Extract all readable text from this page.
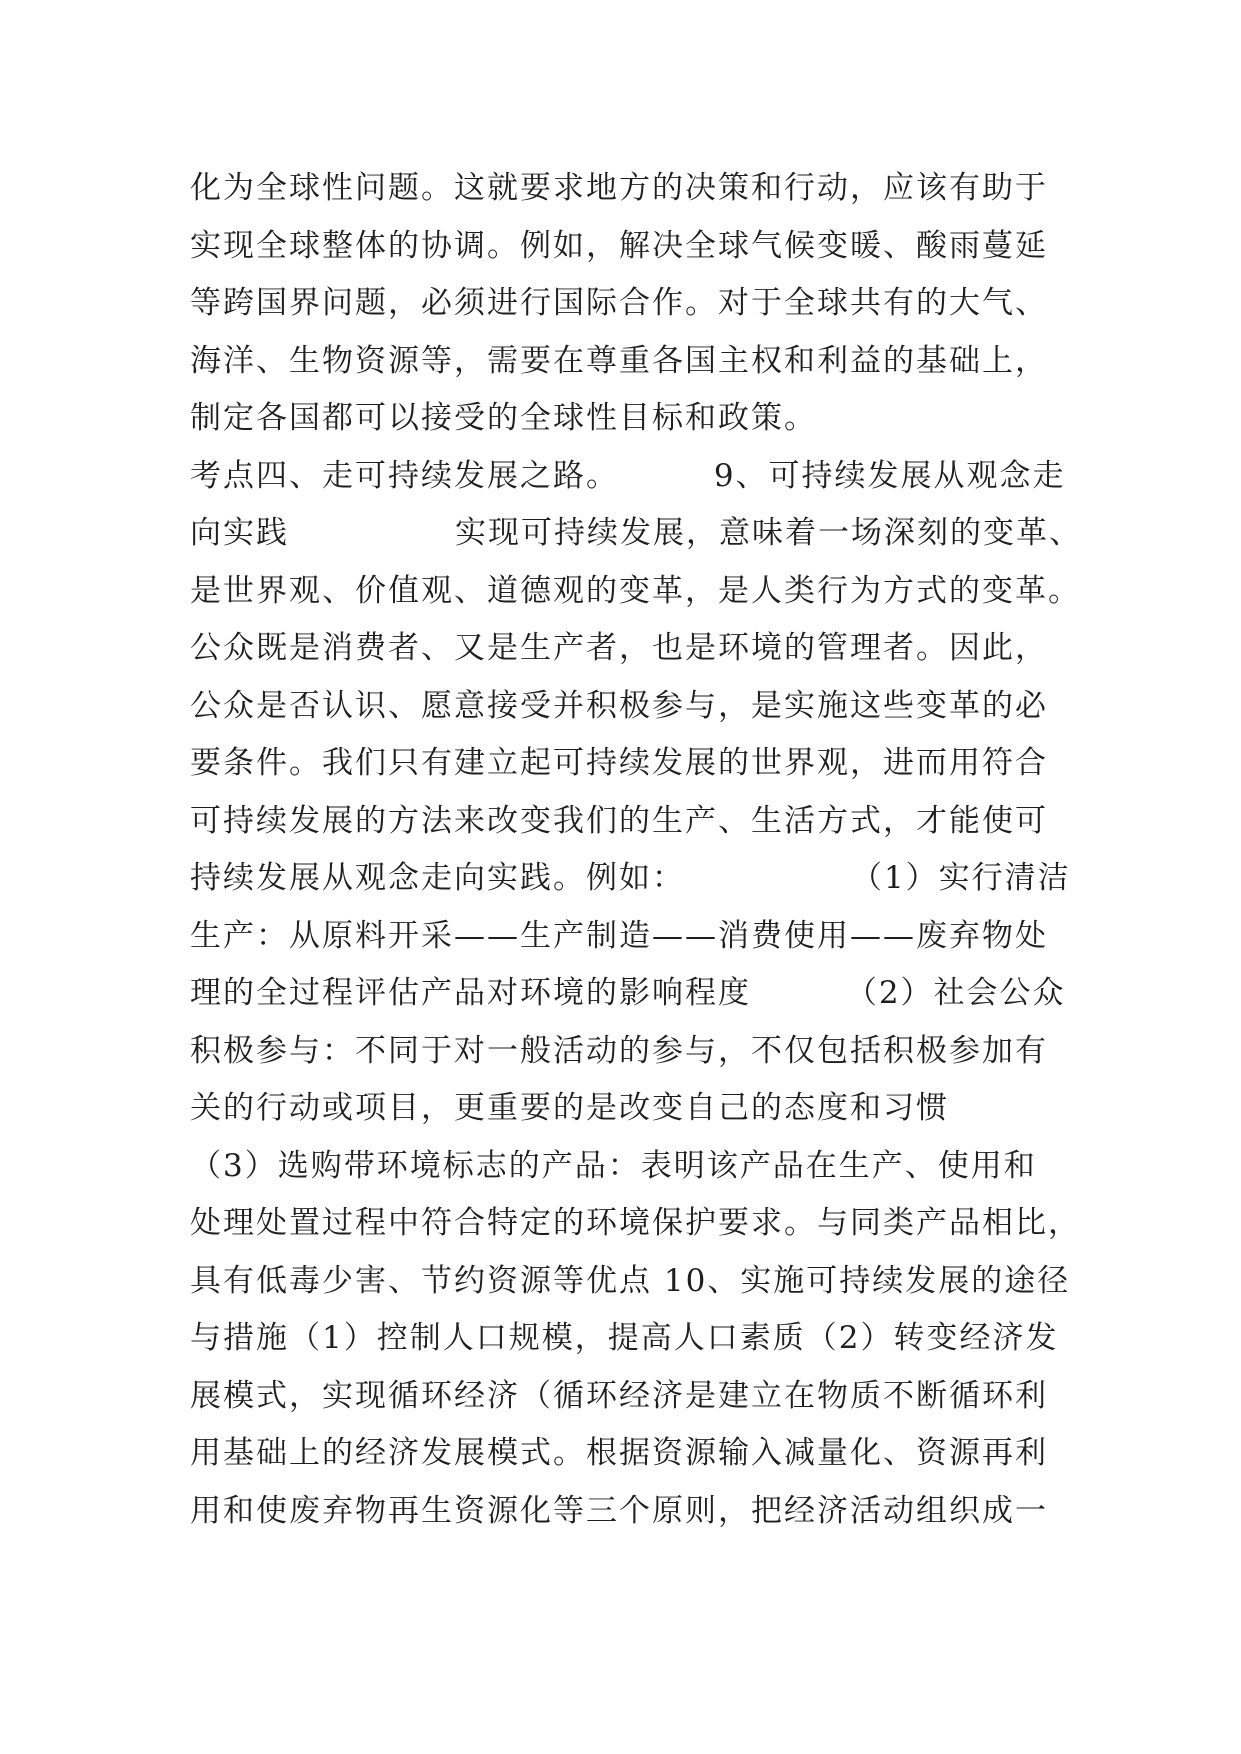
化为全球性问题。这就要求地方的决策和行动，应该有助于
实现全球整体的协调。例如，解决全球气候变暖、酸雨蔓延
等跨国界问题，必须进行国际合作。对于全球共有的大气、
海洋、生物资源等，需要在尊重各国主权和利益的基础上，
制定各国都可以接受的全球性目标和政策。
考点四、走可持续发展之路。        9、可持续发展从观念走
向实践              实现可持续发展，意味着一场深刻的变革、
是世界观、价值观、道德观的变革，是人类行为方式的变革。
公众既是消费者、又是生产者，也是环境的管理者。因此，
公众是否认识、愿意接受并积极参与，是实施这些变革的必
要条件。我们只有建立起可持续发展的世界观，进而用符合
可持续发展的方法来改变我们的生产、生活方式，才能使可
持续发展从观念走向实践。例如：              （1）实行清洁
生产：从原料开采——生产制造——消费使用——废弃物处
理的全过程评估产品对环境的影响程度        （2）社会公众
积极参与：不同于对一般活动的参与，不仅包括积极参加有
关的行动或项目，更重要的是改变自己的态度和习惯
（3）选购带环境标志的产品：表明该产品在生产、使用和
处理处置过程中符合特定的环境保护要求。与同类产品相比，
具有低毒少害、节约资源等优点 10、实施可持续发展的途径
与措施（1）控制人口规模，提高人口素质（2）转变经济发
展模式，实现循环经济（循环经济是建立在物质不断循环利
用基础上的经济发展模式。根据资源输入减量化、资源再利
用和使废弃物再生资源化等三个原则，把经济活动组织成一
